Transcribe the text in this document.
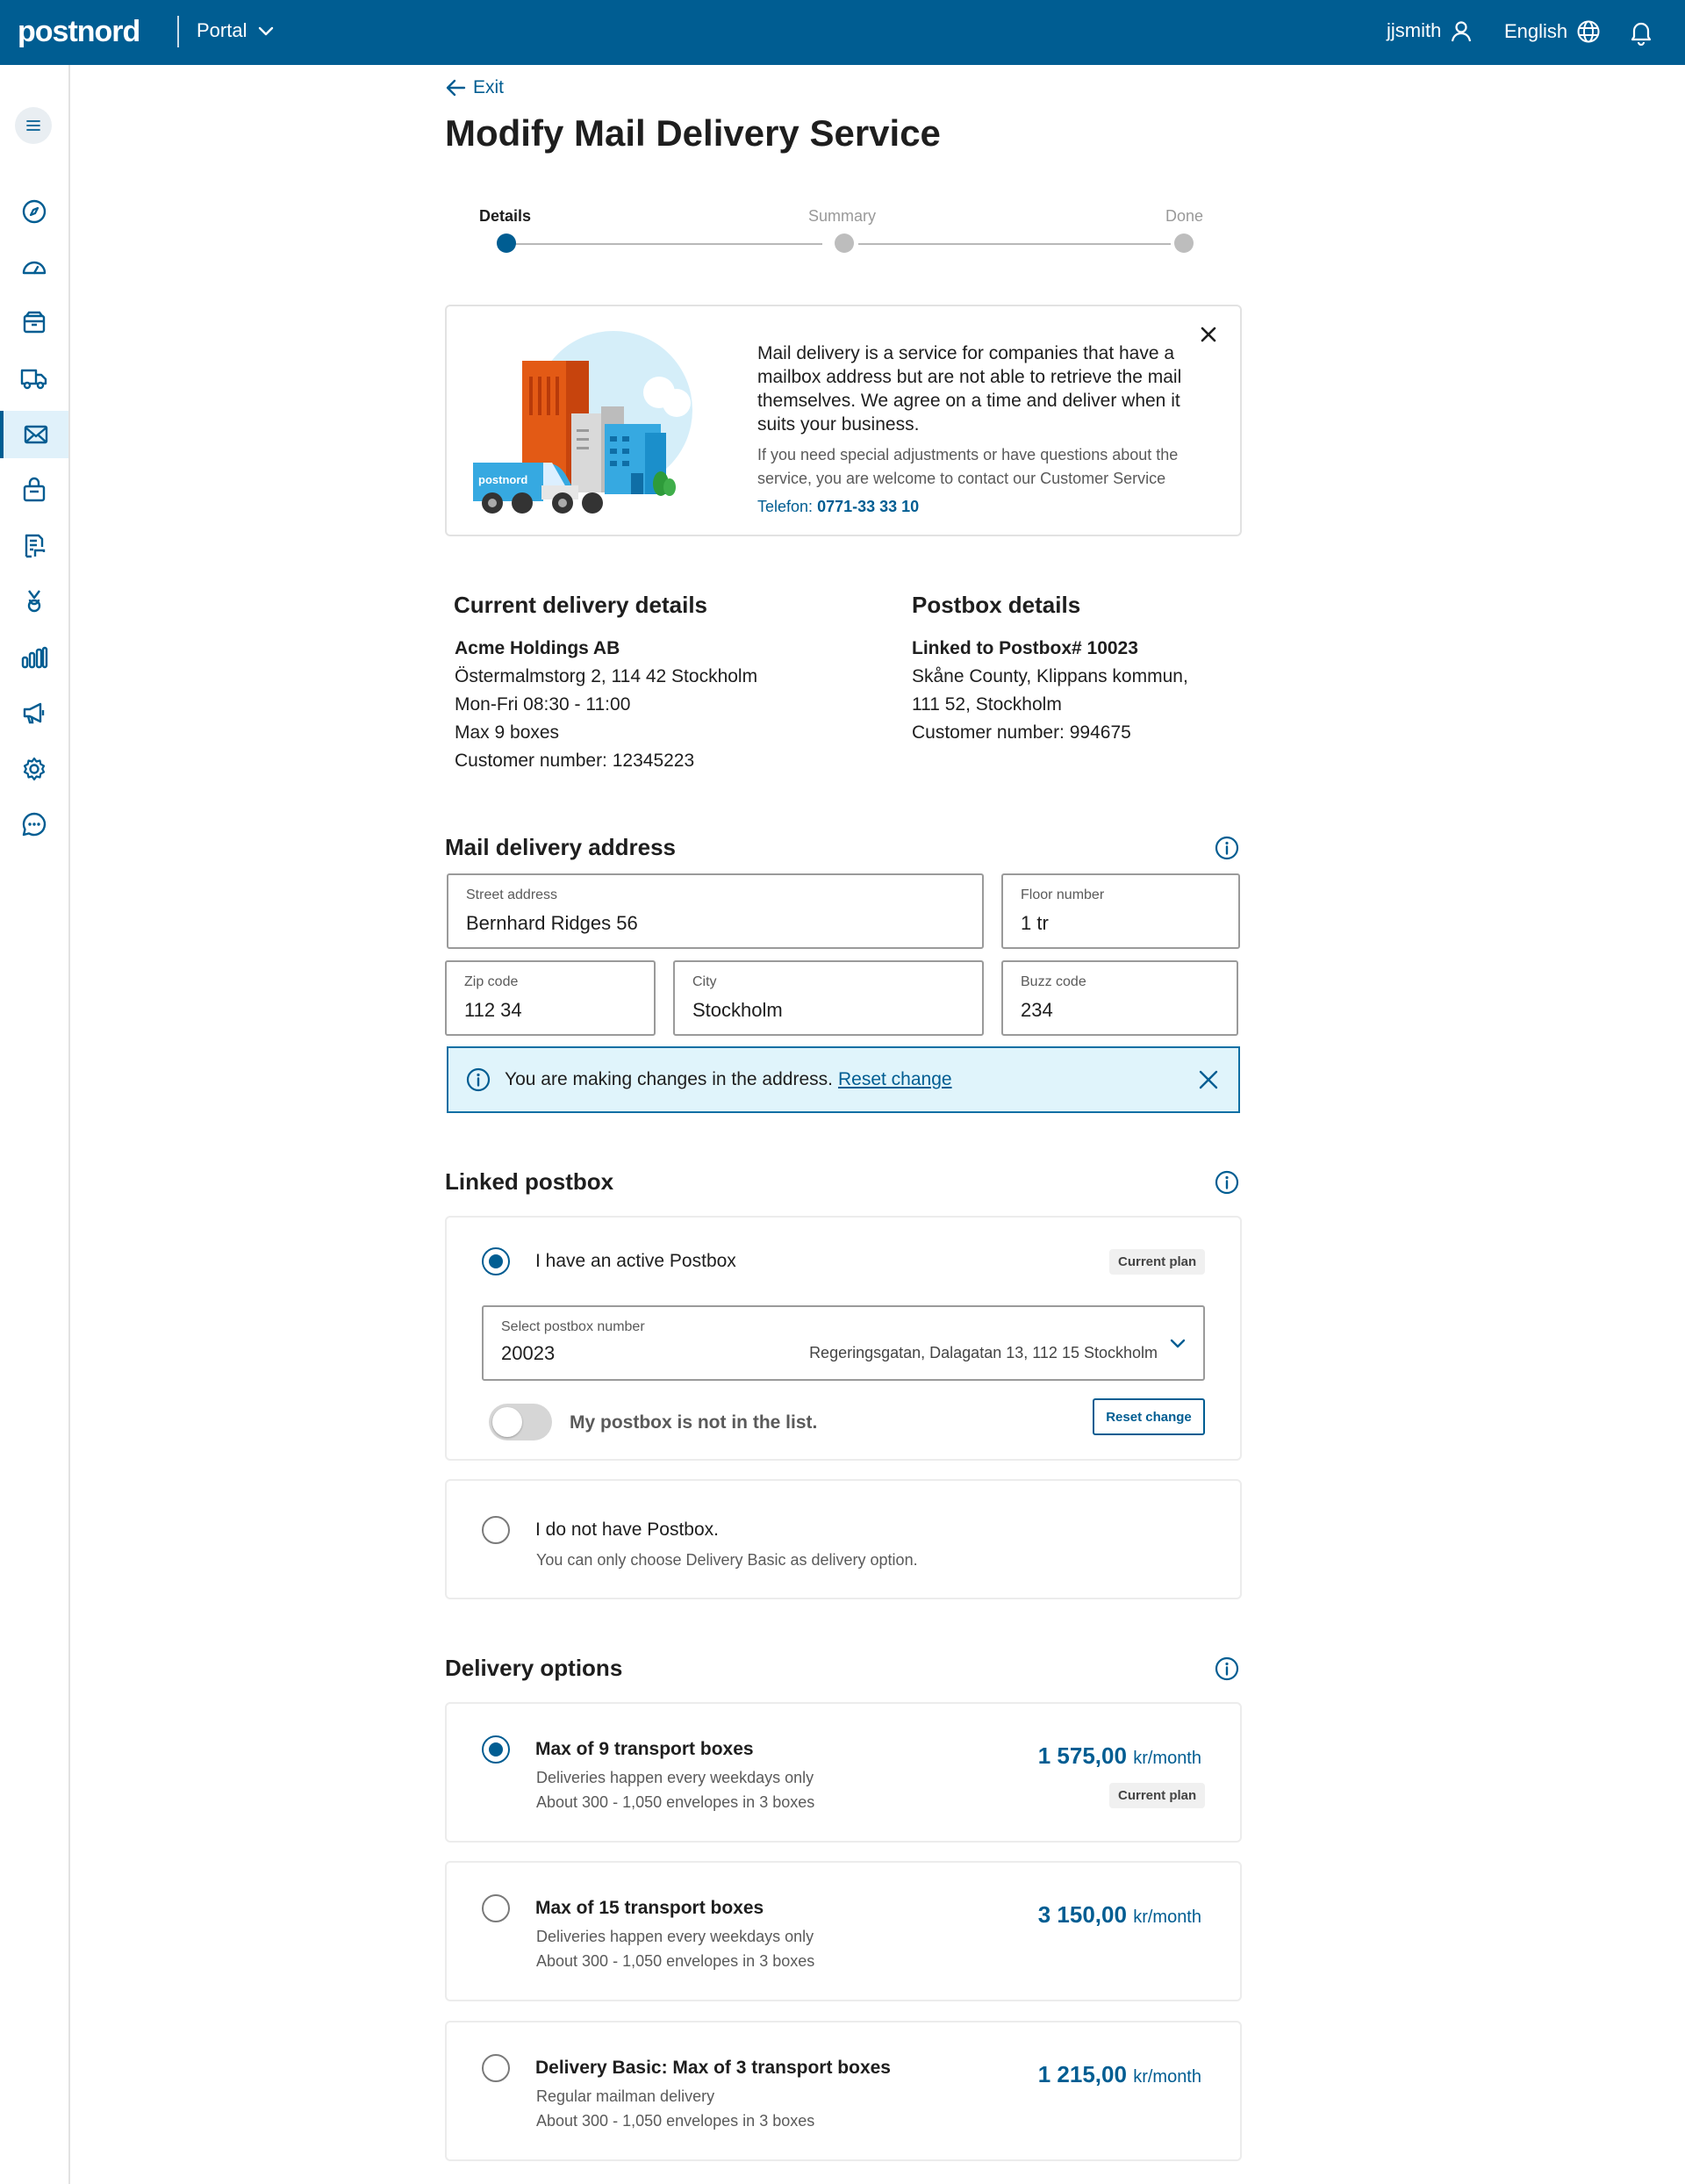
postnord	Portal	jjsmith	English
Exit
Modify Mail Delivery Service
Details	Summary	Done
postnord
Mail delivery is a service for companies that have a mailbox address but are not able to retrieve the mail themselves. We agree on a time and deliver when it suits your business.
If you need special adjustments or have questions about the service, you are welcome to contact our Customer Service
Telefon: 0771-33 33 10
Current delivery details
Acme Holdings AB
Östermalmstorg 2, 114 42 Stockholm
Mon-Fri 08:30 - 11:00
Max 9 boxes
Customer number: 12345223
Postbox details
Linked to Postbox# 10023
Skåne County, Klippans kommun,
111 52, Stockholm
Customer number: 994675
Mail delivery address
Street address
Bernhard Ridges 56
Floor number
1 tr
Zip code
112 34
City
Stockholm
Buzz code
234
You are making changes in the address. Reset change
Linked postbox
I have an active Postbox	Current plan
Select postbox number
20023	Regeringsgatan, Dalagatan 13, 112 15 Stockholm
My postbox is not in the list.	Reset change
I do not have Postbox.
You can only choose Delivery Basic as delivery option.
Delivery options
Max of 9 transport boxes
Deliveries happen every weekdays only
About 300 - 1,050 envelopes in 3 boxes
1 575,00 kr/month
Current plan
Max of 15 transport boxes
Deliveries happen every weekdays only
About 300 - 1,050 envelopes in 3 boxes
3 150,00 kr/month
Delivery Basic: Max of 3 transport boxes
Regular mailman delivery
About 300 - 1,050 envelopes in 3 boxes
1 215,00 kr/month
